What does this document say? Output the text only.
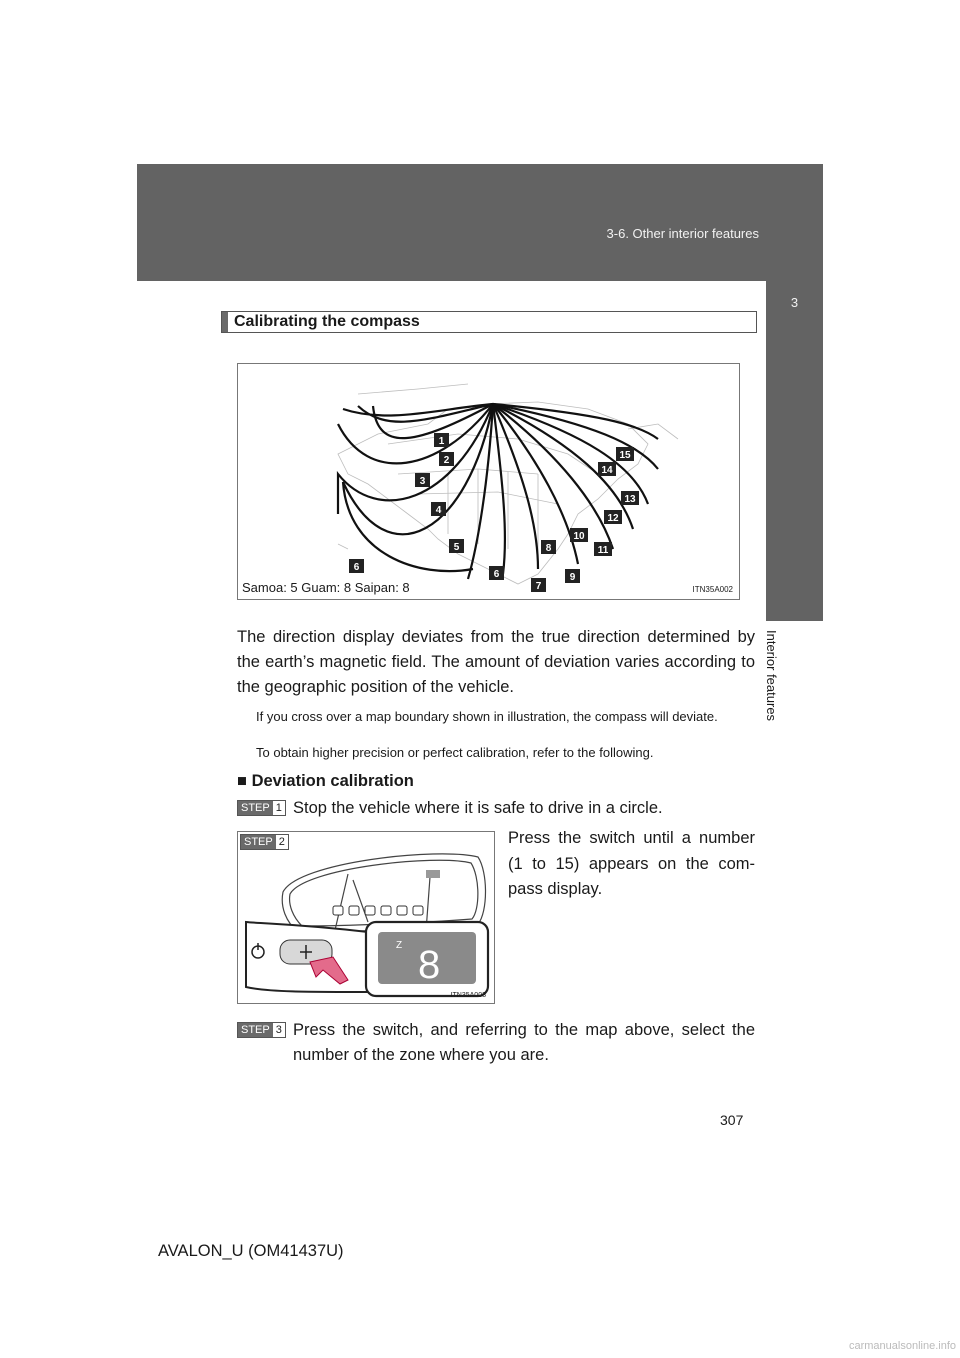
3-6. Other interior features
3
Interior features
Calibrating the compass
1
2
3
4
5
6
6
7
8
9
10
11
12
13
14
15
Samoa: 5 Guam: 8 Saipan: 8	ITN35A002
The direction display deviates from the true direction determined by the earth’s magnetic field. The amount of deviation varies according to the geographic position of the vehicle.
If you cross over a map boundary shown in illustration, the compass will deviate.
To obtain higher precision or perfect calibration, refer to the following.
■ Deviation calibration
STEP 1 Stop the vehicle where it is safe to drive in a circle.
STEP 2
Z 8
ITN35A003
Press the switch until a number (1 to 15) appears on the com-pass display.
STEP 3 Press the switch, and referring to the map above, select the number of the zone where you are.
307
AVALON_U (OM41437U)
carmanualsonline.info
